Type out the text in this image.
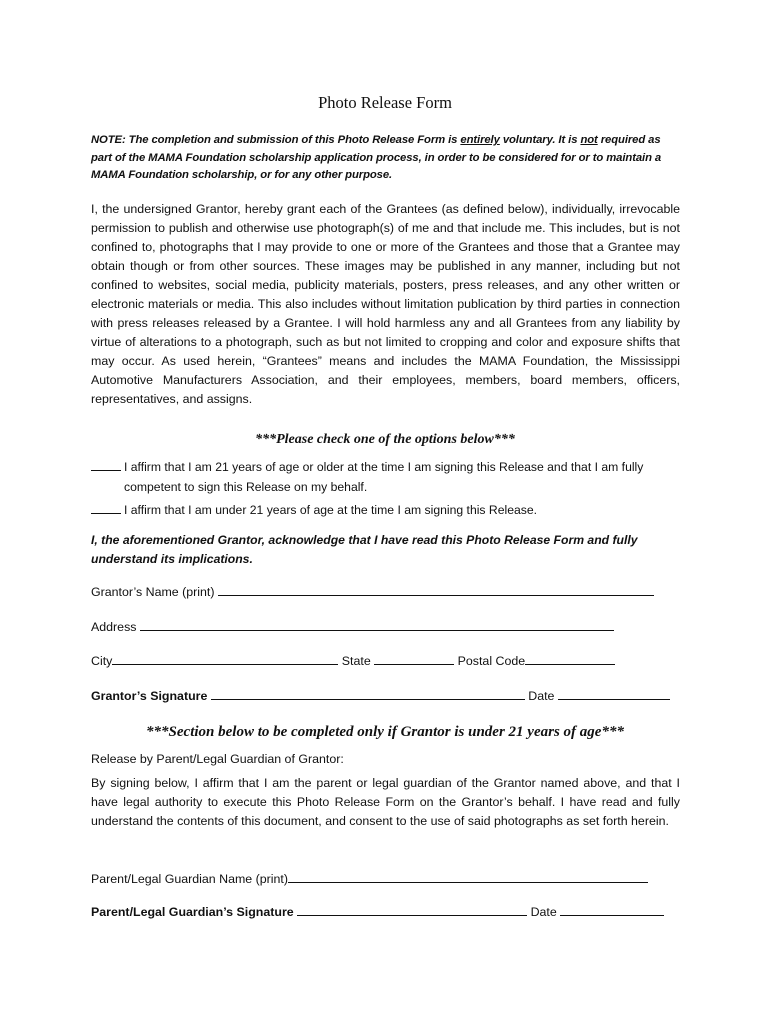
Photo Release Form
NOTE: The completion and submission of this Photo Release Form is entirely voluntary. It is not required as part of the MAMA Foundation scholarship application process, in order to be considered for or to maintain a MAMA Foundation scholarship, or for any other purpose.
I, the undersigned Grantor, hereby grant each of the Grantees (as defined below), individually, irrevocable permission to publish and otherwise use photograph(s) of me and that include me. This includes, but is not confined to, photographs that I may provide to one or more of the Grantees and those that a Grantee may obtain though or from other sources. These images may be published in any manner, including but not confined to websites, social media, publicity materials, posters, press releases, and any other written or electronic materials or media. This also includes without limitation publication by third parties in connection with press releases released by a Grantee. I will hold harmless any and all Grantees from any liability by virtue of alterations to a photograph, such as but not limited to cropping and color and exposure shifts that may occur. As used herein, “Grantees” means and includes the MAMA Foundation, the Mississippi Automotive Manufacturers Association, and their employees, members, board members, officers, representatives, and assigns.
***Please check one of the options below***
I affirm that I am 21 years of age or older at the time I am signing this Release and that I am fully competent to sign this Release on my behalf.
I affirm that I am under 21 years of age at the time I am signing this Release.
I, the aforementioned Grantor, acknowledge that I have read this Photo Release Form and fully understand its implications.
Grantor’s Name (print)
Address
City	State	Postal Code
Grantor’s Signature	Date
***Section below to be completed only if Grantor is under 21 years of age***
Release by Parent/Legal Guardian of Grantor:
By signing below, I affirm that I am the parent or legal guardian of the Grantor named above, and that I have legal authority to execute this Photo Release Form on the Grantor’s behalf. I have read and fully understand the contents of this document, and consent to the use of said photographs as set forth herein.
Parent/Legal Guardian Name (print)
Parent/Legal Guardian’s Signature	Date
